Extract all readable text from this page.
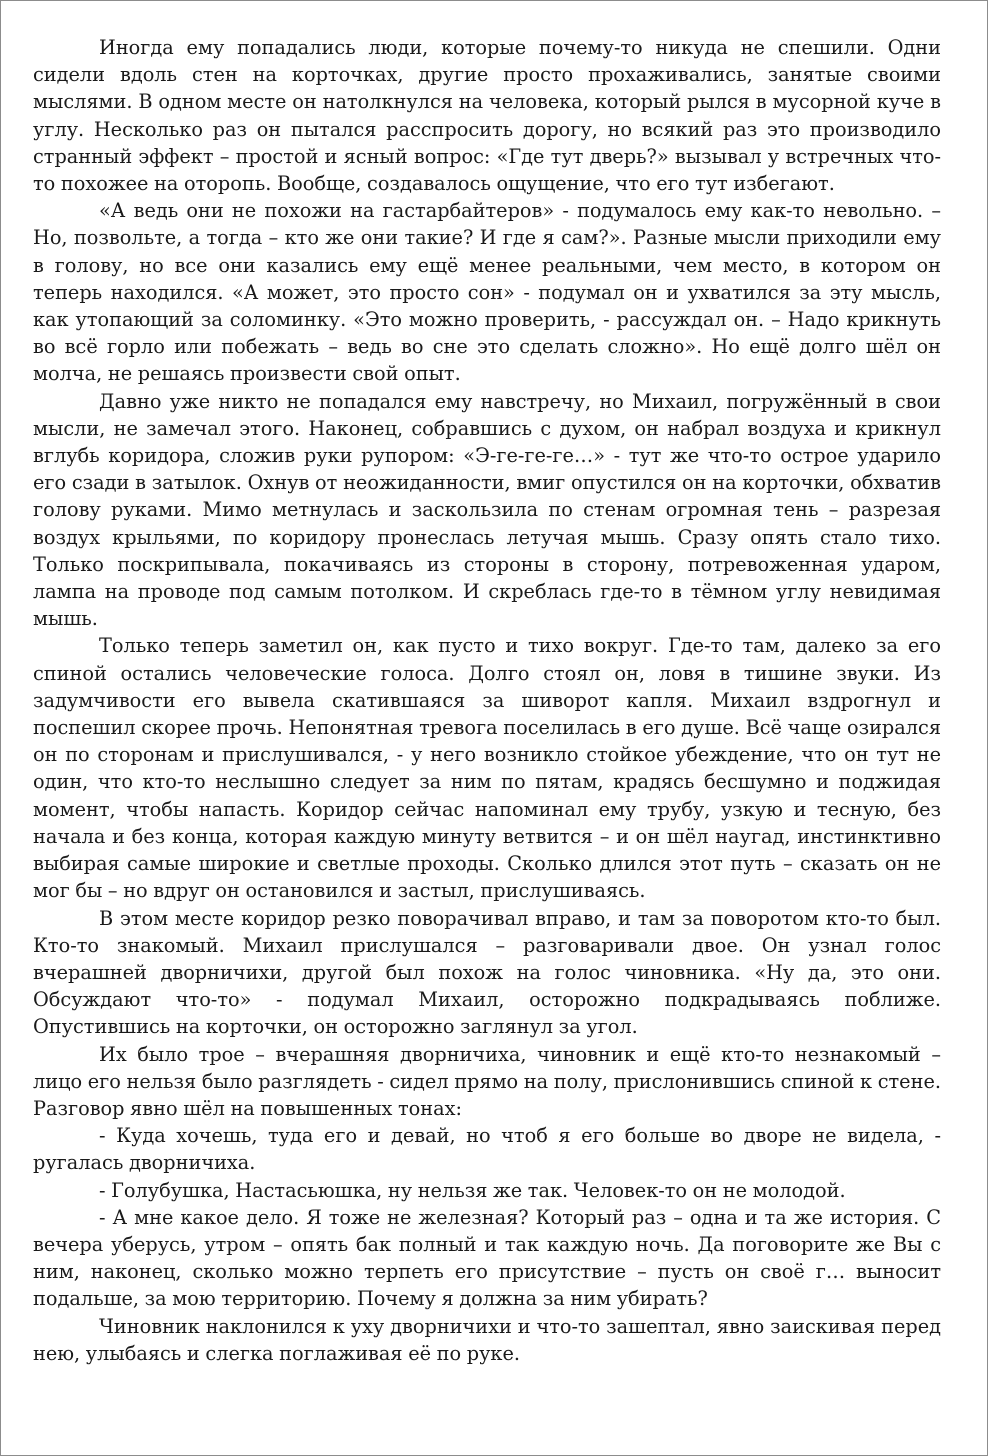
Иногда ему попадались люди, которые почему-то никуда не спешили. Одни сидели вдоль стен на корточках, другие просто прохаживались, занятые своими мыслями. В одном месте он натолкнулся на человека, который рылся в мусорной куче в углу. Несколько раз он пытался расспросить дорогу, но всякий раз это производило странный эффект – простой и ясный вопрос: «Где тут дверь?» вызывал у встречных что-то похожее на оторопь. Вообще, создавалось ощущение, что его тут избегают.

«А ведь они не похожи на гастарбайтеров» - подумалось ему как-то невольно. – Но, позвольте, а тогда – кто же они такие? И где я сам?». Разные мысли приходили ему в голову, но все они казались ему ещё менее реальными, чем место, в котором он теперь находился. «А может, это просто сон» - подумал он и ухватился за эту мысль, как утопающий за соломинку. «Это можно проверить, - рассуждал он. – Надо крикнуть во всё горло или побежать – ведь во сне это сделать сложно». Но ещё долго шёл он молча, не решаясь произвести свой опыт.

Давно уже никто не попадался ему навстречу, но Михаил, погружённый в свои мысли, не замечал этого. Наконец, собравшись с духом, он набрал воздуха и крикнул вглубь коридора, сложив руки рупором: «Э-ге-ге-ге…» - тут же что-то острое ударило его сзади в затылок. Охнув от неожиданности, вмиг опустился он на корточки, обхватив голову руками. Мимо метнулась и заскользила по стенам огромная тень – разрезая воздух крыльями, по коридору пронеслась летучая мышь. Сразу опять стало тихо. Только поскрипывала, покачиваясь из стороны в сторону, потревоженная ударом, лампа на проводе под самым потолком. И скреблась где-то в тёмном углу невидимая мышь.

Только теперь заметил он, как пусто и тихо вокруг. Где-то там, далеко за его спиной остались человеческие голоса. Долго стоял он, ловя в тишине звуки. Из задумчивости его вывела скатившаяся за шиворот капля. Михаил вздрогнул и поспешил скорее прочь. Непонятная тревога поселилась в его душе. Всё чаще озирался он по сторонам и прислушивался, - у него возникло стойкое убеждение, что он тут не один, что кто-то неслышно следует за ним по пятам, крадясь бесшумно и поджидая момент, чтобы напасть. Коридор сейчас напоминал ему трубу, узкую и тесную, без начала и без конца, которая каждую минуту ветвится – и он шёл наугад, инстинктивно выбирая самые широкие и светлые проходы. Сколько длился этот путь – сказать он не мог бы – но вдруг он остановился и застыл, прислушиваясь.

В этом месте коридор резко поворачивал вправо, и там за поворотом кто-то был. Кто-то знакомый. Михаил прислушался – разговаривали двое. Он узнал голос вчерашней дворничихи, другой был похож на голос чиновника. «Ну да, это они. Обсуждают что-то» - подумал Михаил, осторожно подкрадываясь поближе. Опустившись на корточки, он осторожно заглянул за угол.

Их было трое – вчерашняя дворничиха, чиновник и ещё кто-то незнакомый – лицо его нельзя было разглядеть - сидел прямо на полу, прислонившись спиной к стене. Разговор явно шёл на повышенных тонах:

- Куда хочешь, туда его и девай, но чтоб я его больше во дворе не видела, - ругалась дворничиха.

- Голубушка, Настасьюшка, ну нельзя же так. Человек-то он не молодой.

- А мне какое дело. Я тоже не железная? Который раз – одна и та же история. С вечера уберусь, утром – опять бак полный и так каждую ночь. Да поговорите же Вы с ним, наконец, сколько можно терпеть его присутствие – пусть он своё г… выносит подальше, за мою территорию. Почему я должна за ним убирать?

Чиновник наклонился к уху дворничихи и что-то зашептал, явно заискивая перед нею, улыбаясь и слегка поглаживая её по руке.
